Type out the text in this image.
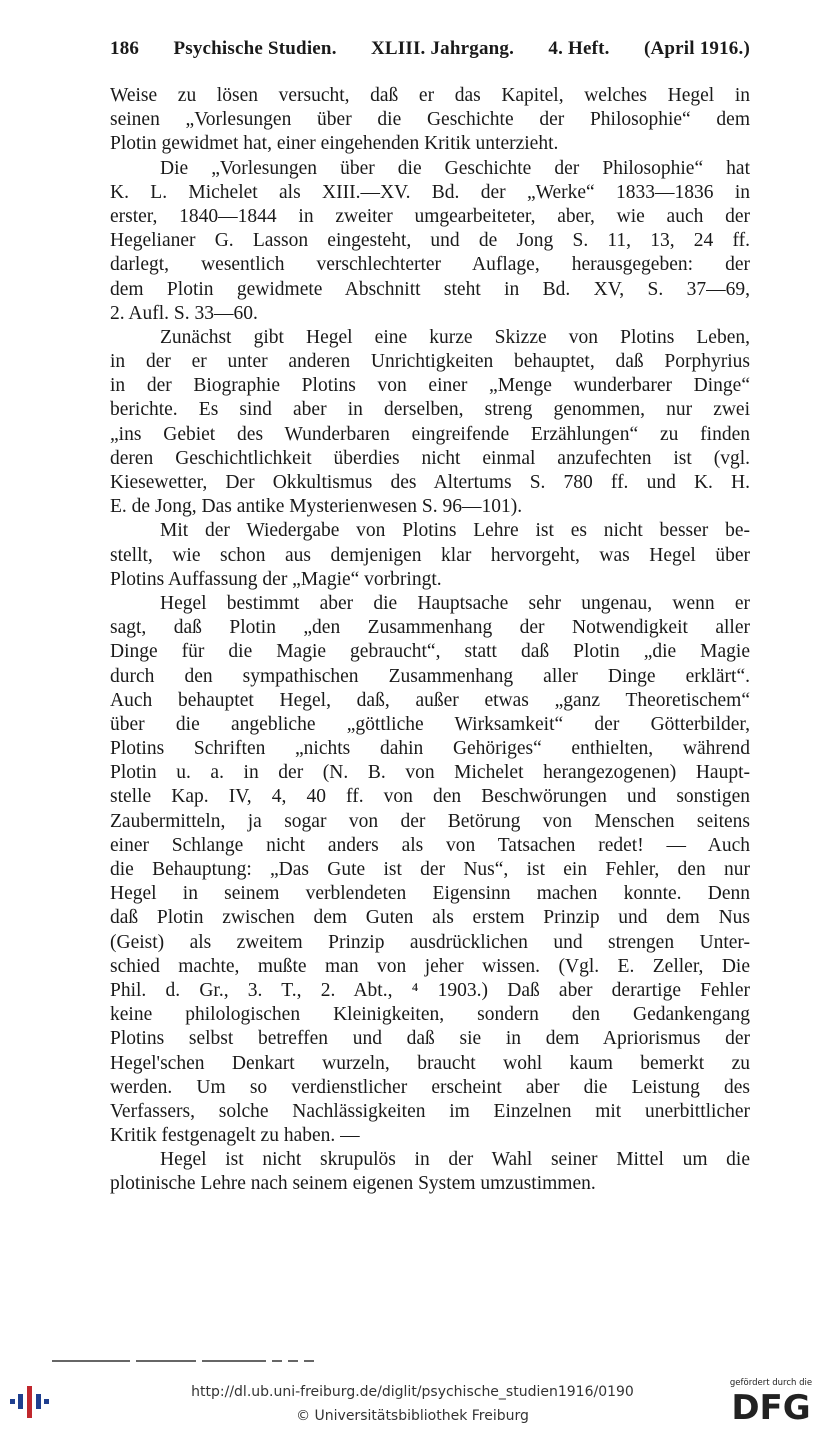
186 Psychische Studien. XLIII. Jahrgang. 4. Heft. (April 1916.)
Weise zu lösen versucht, daß er das Kapitel, welches Hegel in
seinen „Vorlesungen über die Geschichte der Philosophie“ dem
Plotin gewidmet hat, einer eingehenden Kritik unterzieht.
Die „Vorlesungen über die Geschichte der Philosophie“ hat
K. L. Michelet als XIII.—XV. Bd. der „Werke“ 1833—1836 in
erster, 1840—1844 in zweiter umgearbeiteter, aber, wie auch der
Hegelianer G. Lasson eingesteht, und de Jong S. 11, 13, 24 ff.
darlegt, wesentlich verschlechterter Auflage, herausgegeben: der
dem Plotin gewidmete Abschnitt steht in Bd. XV, S. 37—69,
2. Aufl. S. 33—60.
Zunächst gibt Hegel eine kurze Skizze von Plotins Leben,
in der er unter anderen Unrichtigkeiten behauptet, daß Porphyrius
in der Biographie Plotins von einer „Menge wunderbarer Dinge“
berichte. Es sind aber in derselben, streng genommen, nur zwei
„ins Gebiet des Wunderbaren eingreifende Erzählungen“ zu finden
deren Geschichtlichkeit überdies nicht einmal anzufechten ist (vgl.
Kiesewetter, Der Okkultismus des Altertums S. 780 ff. und K. H.
E. de Jong, Das antike Mysterienwesen S. 96—101).
Mit der Wiedergabe von Plotins Lehre ist es nicht besser be-
stellt, wie schon aus demjenigen klar hervorgeht, was Hegel über
Plotins Auffassung der „Magie“ vorbringt.
Hegel bestimmt aber die Hauptsache sehr ungenau, wenn er
sagt, daß Plotin „den Zusammenhang der Notwendigkeit aller
Dinge für die Magie gebraucht“, statt daß Plotin „die Magie
durch den sympathischen Zusammenhang aller Dinge erklärt“.
Auch behauptet Hegel, daß, außer etwas „ganz Theoretischem“
über die angebliche „göttliche Wirksamkeit“ der Götterbilder,
Plotins Schriften „nichts dahin Gehöriges“ enthielten, während
Plotin u. a. in der (N. B. von Michelet herangezogenen) Haupt-
stelle Kap. IV, 4, 40 ff. von den Beschwörungen und sonstigen
Zaubermitteln, ja sogar von der Betörung von Menschen seitens
einer Schlange nicht anders als von Tatsachen redet! — Auch
die Behauptung: „Das Gute ist der Nus“, ist ein Fehler, den nur
Hegel in seinem verblendeten Eigensinn machen konnte. Denn
daß Plotin zwischen dem Guten als erstem Prinzip und dem Nus
(Geist) als zweitem Prinzip ausdrücklichen und strengen Unter-
schied machte, mußte man von jeher wissen. (Vgl. E. Zeller, Die
Phil. d. Gr., 3. T., 2. Abt., ⁴ 1903.) Daß aber derartige Fehler
keine philologischen Kleinigkeiten, sondern den Gedankengang
Plotins selbst betreffen und daß sie in dem Apriorismus der
Hegel'schen Denkart wurzeln, braucht wohl kaum bemerkt zu
werden. Um so verdienstlicher erscheint aber die Leistung des
Verfassers, solche Nachlässigkeiten im Einzelnen mit unerbittlicher
Kritik festgenagelt zu haben. —
Hegel ist nicht skrupulös in der Wahl seiner Mittel um die
plotinische Lehre nach seinem eigenen System umzustimmen.
http://dl.ub.uni-freiburg.de/diglit/psychische_studien1916/0190
© Universitätsbibliothek Freiburg
gefördert durch die
DFG
